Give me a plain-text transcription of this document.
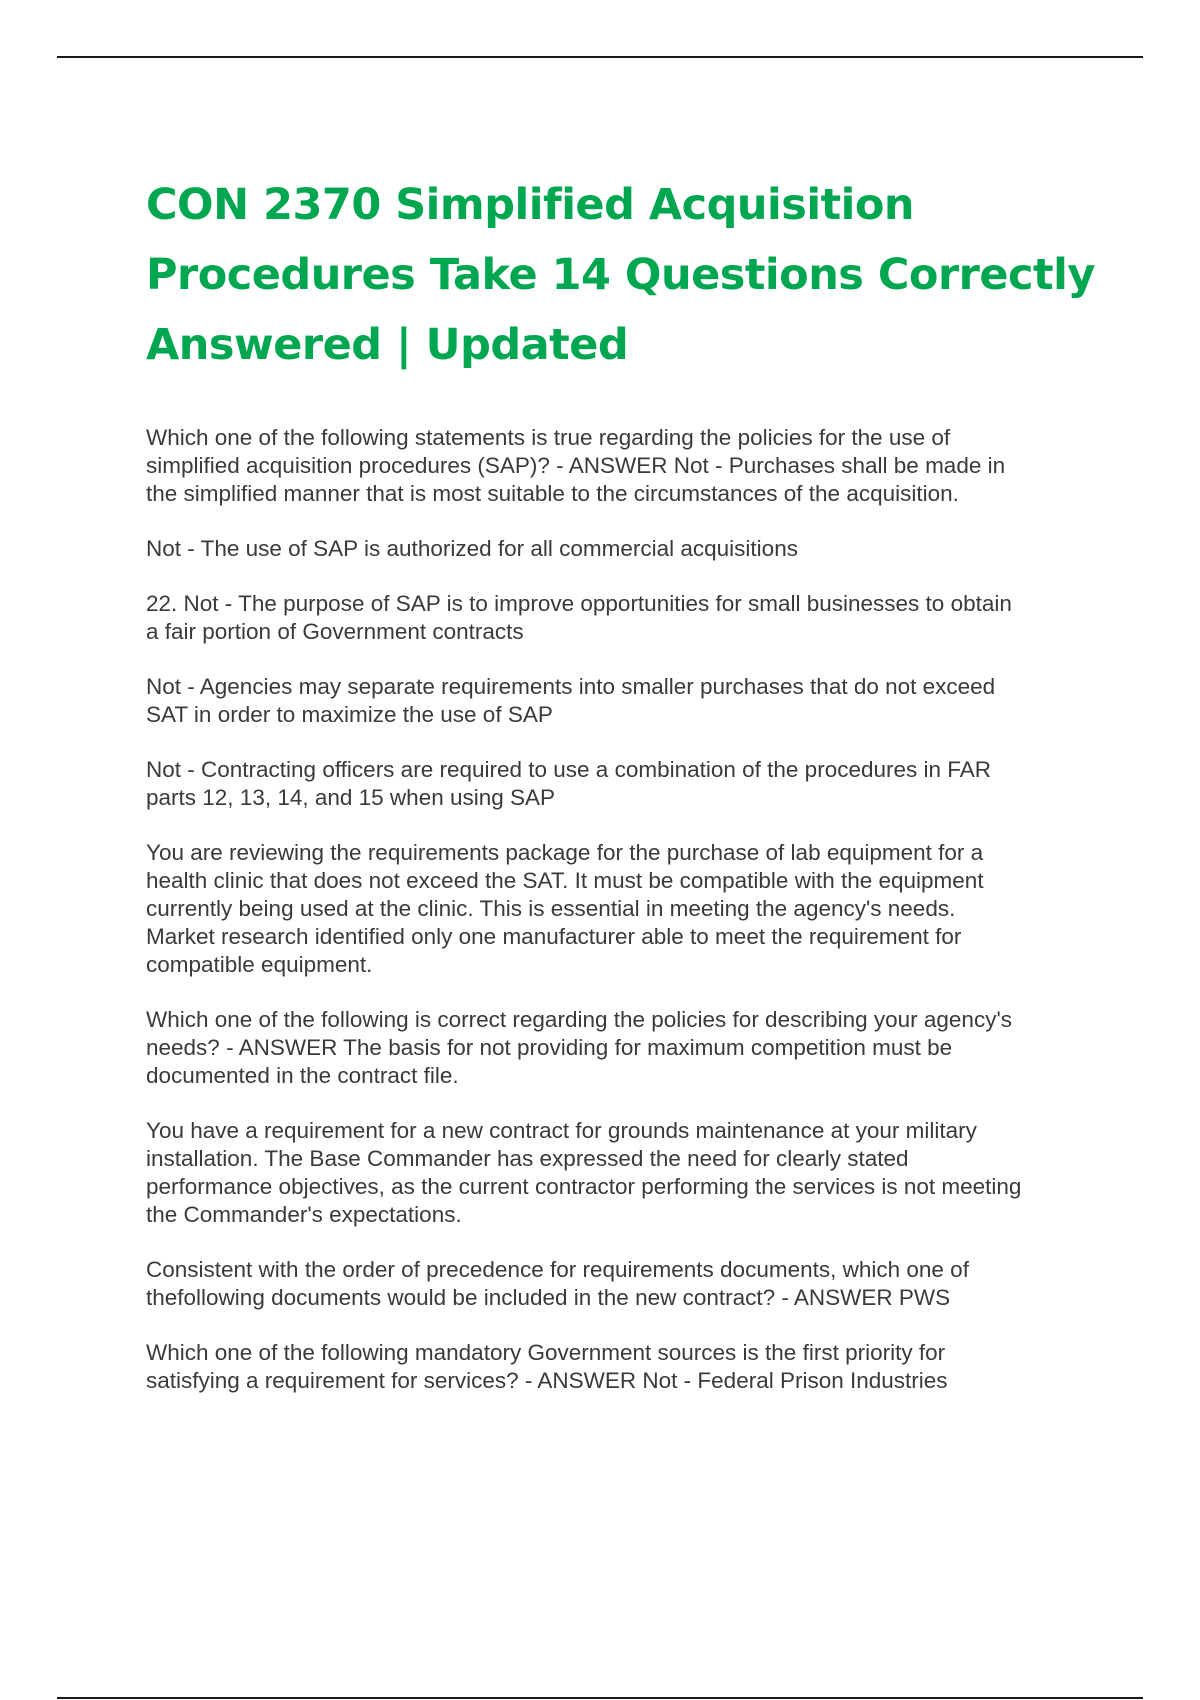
CON 2370 Simplified Acquisition
Procedures Take 14 Questions Correctly
Answered | Updated

Which one of the following statements is true regarding the policies for the use of
simplified acquisition procedures (SAP)? - ANSWER Not - Purchases shall be made in
the simplified manner that is most suitable to the circumstances of the acquisition.

Not - The use of SAP is authorized for all commercial acquisitions

22. Not - The purpose of SAP is to improve opportunities for small businesses to obtain
a fair portion of Government contracts

Not - Agencies may separate requirements into smaller purchases that do not exceed
SAT in order to maximize the use of SAP

Not - Contracting officers are required to use a combination of the procedures in FAR
parts 12, 13, 14, and 15 when using SAP

You are reviewing the requirements package for the purchase of lab equipment for a
health clinic that does not exceed the SAT. It must be compatible with the equipment
currently being used at the clinic. This is essential in meeting the agency's needs.
Market research identified only one manufacturer able to meet the requirement for
compatible equipment.

Which one of the following is correct regarding the policies for describing your agency's
needs? - ANSWER The basis for not providing for maximum competition must be
documented in the contract file.

You have a requirement for a new contract for grounds maintenance at your military
installation. The Base Commander has expressed the need for clearly stated
performance objectives, as the current contractor performing the services is not meeting
the Commander's expectations.

Consistent with the order of precedence for requirements documents, which one of
thefollowing documents would be included in the new contract? - ANSWER PWS

Which one of the following mandatory Government sources is the first priority for
satisfying a requirement for services? - ANSWER Not - Federal Prison Industries
